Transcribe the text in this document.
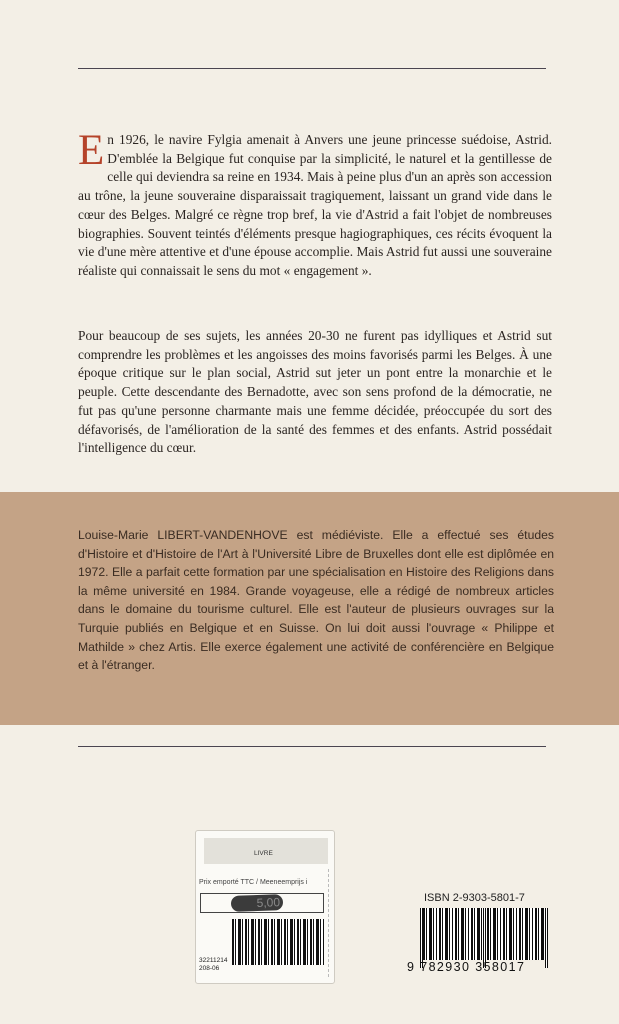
En 1926, le navire Fylgia amenait à Anvers une jeune princesse suédoise, Astrid. D'emblée la Belgique fut conquise par la simplicité, le naturel et la gentillesse de celle qui deviendra sa reine en 1934. Mais à peine plus d'un an après son accession au trône, la jeune souveraine disparaissait tragiquement, laissant un grand vide dans le cœur des Belges. Malgré ce règne trop bref, la vie d'Astrid a fait l'objet de nombreuses biographies. Souvent teintés d'éléments presque hagiographiques, ces récits évoquent la vie d'une mère attentive et d'une épouse accomplie. Mais Astrid fut aussi une souveraine réaliste qui connaissait le sens du mot « engagement ».

Pour beaucoup de ses sujets, les années 20-30 ne furent pas idylliques et Astrid sut comprendre les problèmes et les angoisses des moins favorisés parmi les Belges. À une époque critique sur le plan social, Astrid sut jeter un pont entre la monarchie et le peuple. Cette descendante des Bernadotte, avec son sens profond de la démocratie, ne fut pas qu'une personne charmante mais une femme décidée, préoccupée du sort des défavorisés, de l'amélioration de la santé des femmes et des enfants. Astrid possédait l'intelligence du cœur.

Louise-Marie LIBERT-VANDENHOVE est médiéviste. Elle a effectué ses études d'Histoire et d'Histoire de l'Art à l'Université Libre de Bruxelles dont elle est diplômée en 1972. Elle a parfait cette formation par une spécialisation en Histoire des Religions dans la même université en 1984. Grande voyageuse, elle a rédigé de nombreux articles dans le domaine du tourisme culturel. Elle est l'auteur de plusieurs ouvrages sur la Turquie publiés en Belgique et en Suisse. On lui doit aussi l'ouvrage « Philippe et Mathilde » chez Artis. Elle exerce également une activité de conférencière en Belgique et à l'étranger.

LIVRE
Prix emporté TTC / Meeneemprijs i
5,00
32211214
208-06
ISBN 2-9303-5801-7
9 782930 358017
